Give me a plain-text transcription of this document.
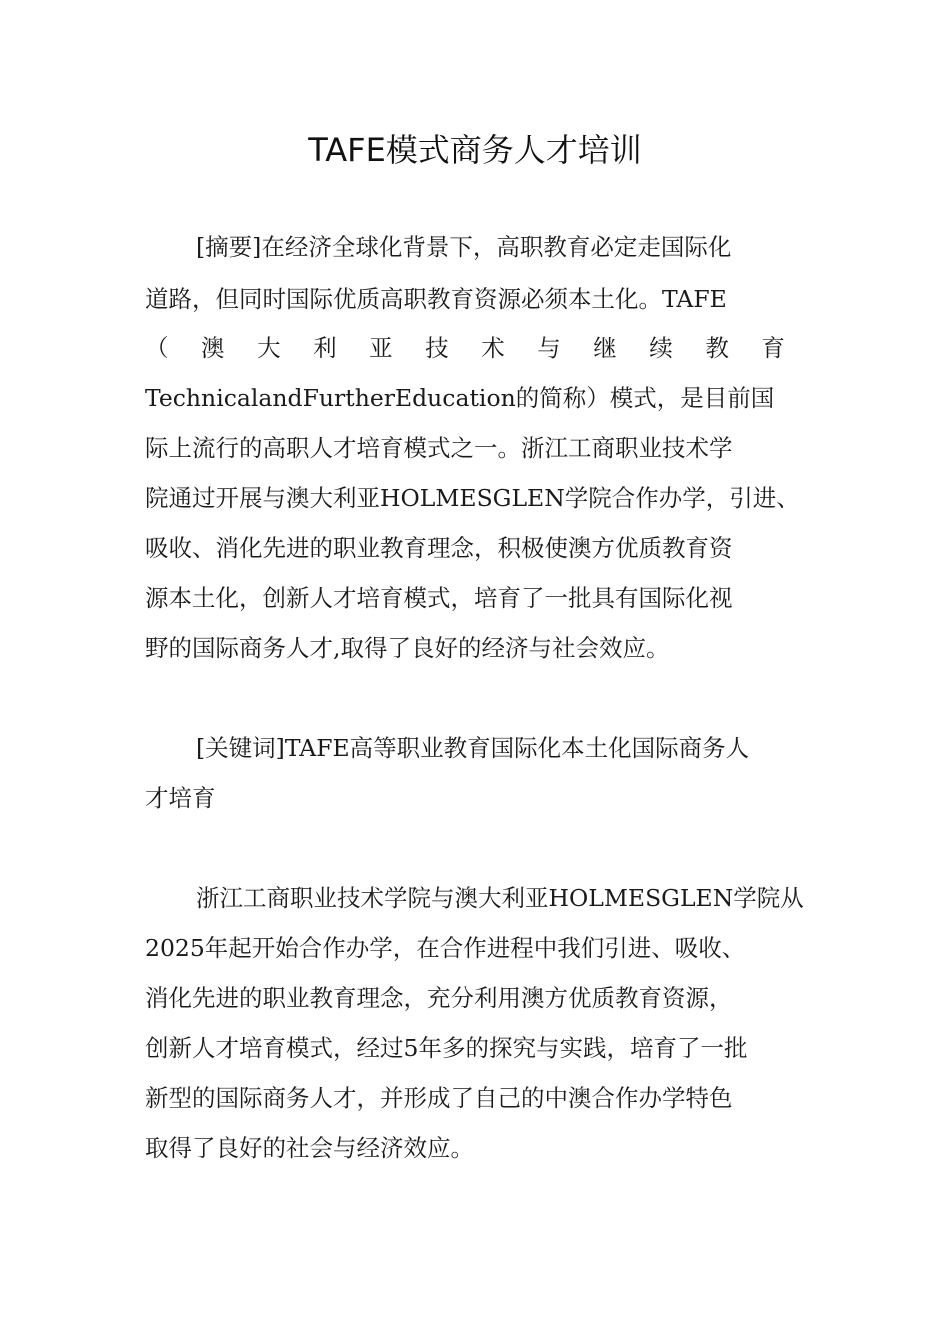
TAFE模式商务人才培训
[摘要]在经济全球化背景下，高职教育必定走国际化
道路，但同时国际优质高职教育资源必须本土化。TAFE
（ 澳 大 利 亚 技 术 与 继 续 教 育
TechnicalandFurtherEducation的简称）模式，是目前国
际上流行的高职人才培育模式之一。浙江工商职业技术学
院通过开展与澳大利亚HOLMESGLEN学院合作办学，引进、
吸收、消化先进的职业教育理念，积极使澳方优质教育资
源本土化，创新人才培育模式，培育了一批具有国际化视
野的国际商务人才,取得了良好的经济与社会效应。
[关键词]TAFE高等职业教育国际化本土化国际商务人
才培育
浙江工商职业技术学院与澳大利亚HOLMESGLEN学院从
2025年起开始合作办学，在合作进程中我们引进、吸收、
消化先进的职业教育理念，充分利用澳方优质教育资源，
创新人才培育模式，经过5年多的探究与实践，培育了一批
新型的国际商务人才，并形成了自己的中澳合作办学特色
取得了良好的社会与经济效应。
